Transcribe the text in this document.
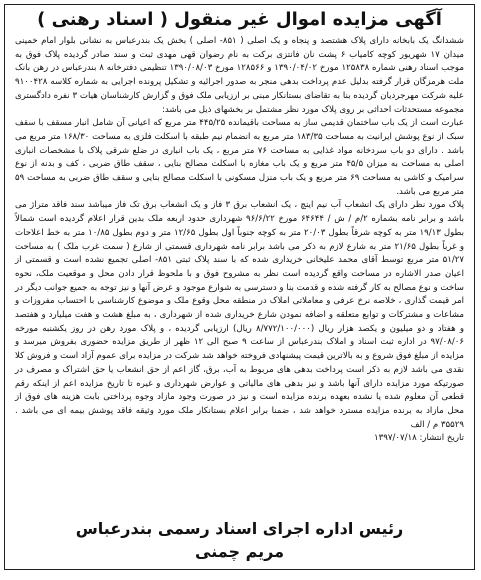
آگهی مزایده اموال غیر منقول ( اسناد رهنی )

ششدانگ یک بابخانه دارای پلاک هشتصد و پنجاه و یک اصلی ( ۸۵۱- اصلی ) بخش یک بندرعباس به نشانی بلوار امام خمینی میدان ۱۷ شهریور کوچه کامیاب ۶ پشت نان فانتزی برکت به نام رضوان قهی مهدی ثبت و سند صادر گردیده پلاک فوق به موجب اسناد رهنی شماره ۱۲۵۸۳۸ مورخ ۱۳۹۰/۰۴/۰۲ و ۱۲۸۵۶۶ مورخ ۱۳۹۰/۰۸/۰۳ تنظیمی دفترخانه ۸ بندرعباس در رهن بانک ملت هرمزگان قرار گرفته بدلیل عدم پرداخت بدهی منجر به صدور اجرائیه و تشکیل پرونده اجرایی به شماره کلاسه ۹۱۰۰۴۲۸ علیه شرکت مهرجردیان گردیده بنا به تقاضای بستانکار مبنی بر ارزیابی ملک فوق و گزارش کارشناسان هیات ۳ نفره دادگستری مجموعه مستحدثات احداثی بر روی پلاک مورد نظر مشتمل بر بخشهای ذیل می باشد:

عبارت است از یک باب ساختمان قدیمی ساز به مساحت باقیمانده ۴۴۵/۲۵ متر مربع که اعیانی آن شامل انبار مسقف با سقف سبک از نوع پوشش ایرانیت به مساحت ۱۸۳/۳۵ متر مربع به انضمام نیم طبقه با اسکلت فلزی به مساحت ۱۶۸/۳۰ متر مربع می باشد . دارای دو باب سردخانه مواد غذایی به مساحت ۷۶ متر مربع ، یک باب انباری در ضلع شرقی پلاک با مشخصات انباری اصلی به مساحت به میزان ۴۵/۵ متر مربع و یک باب مغازه با اسکلت مصالح بنایی ، سقف طاق ضربی ، کف و بدنه از نوع سرامیک و کاشی به مساحت ۶۹ متر مربع و یک باب منزل مسکونی با اسکلت مصالح بنایی و سقف طاق ضربی به مساحت ۵۹ متر مربع می باشد.

پلاک مورد نظر دارای یک انشعاب آب نیم اینچ ، یک انشعاب برق ۳ فاز و یک انشعاب برق تک فاز میباشد سند فاقد متراژ می باشد و برابر نامه بشماره ۲/م / ش / ۶۴۶۴۴ مورخ ۹۶/۶/۲۲ شهرداری حدود اربعه ملک بدین قرار اعلام گردیده است شمالاً بطول ۱۹/۱۳ متر به کوچه شرقاً بطول ۲۰/۰۳ متر به کوچه جنوباً اول بطول ۱۲/۶۵ متر و دوم بطول ۱۰/۸۵ متر به خط اعلاحات و غرباً بطول ۲۱/۶۵ متر به شارع لازم به ذکر می باشد برابر نامه شهرداری قسمتی از شارع ( سمت غرب ملک ) به مساحت ۵۱/۲۷ متر مربع توسط آقای محمد علیخانی خریداری شده که با سند پلاک ثبتی ۸۵۱- اصلی تجمیع نشده است و قسمتی از اعیان صدر الاشاره در مساحت واقع گردیده است نظر به مشروح فوق و با ملحوظ قرار دادن محل و موقعیت ملک، نحوه ساخت و نوع مصالح به کار گرفته شده و قدمت بنا و دسترسی به شوارع موجود و عرض آنها و نیز توجه به جمیع جوانب دیگر در امر قیمت گذاری ، خلاصه نرخ عرفی و معاملاتی املاک در منطقه محل وقوع ملک و موضوع کارشناسی با احتساب مفروزات و مشاعات و مشترکات و توابع متعلقه و اضافه نمودن شارع خریداری شده از شهرداری ، به مبلغ هشت و هفت میلیارد و هفتصد و هفتاد و دو میلیون و یکصد هزار ریال (۸/۷۷۲/۱۰۰/۰۰۰ ریال) ارزیابی گردیده ، و پلاک مورد رهن در روز یکشنبه مورخه ۹۷/۰۸/۰۶ در اداره ثبت اسناد و املاک بندرعباس از ساعت ۹ صبح الی ۱۲ ظهر از طریق مزایده حضوری بفروش میرسد و مزایده از مبلغ فوق شروع و به بالاترین قیمت پیشنهادی فروخته خواهد شد شرکت در مزایده برای عموم آزاد است و فروش کلا نقدی می باشد لازم به ذکر است پرداخت بدهی های مربوط به آب، برق، گاز اعم از حق انشعاب یا حق اشتراک و مصرف در صورتیکه مورد مزایده دارای آنها باشد و نیز بدهی های مالیاتی و عوارض شهرداری و غیره تا تاریخ مزایده اعم از اینکه رقم قطعی آن معلوم شده یا نشده بعهده برنده مزایده است و نیز در صورت وجود مازاد وجوه پرداختی بابت هزینه های فوق از محل مازاد به برنده مزایده مسترد خواهد شد ، ضمنا برابر اعلام بستانکار ملک مورد وثیقه فاقد پوشش بیمه ای می باشد . ۳۵۵۲۹ م / الف

تاریخ انتشار: ۱۳۹۷/۰۷/۱۸
رئیس اداره اجرای اسناد رسمی بندرعباس
مریم چمنی
